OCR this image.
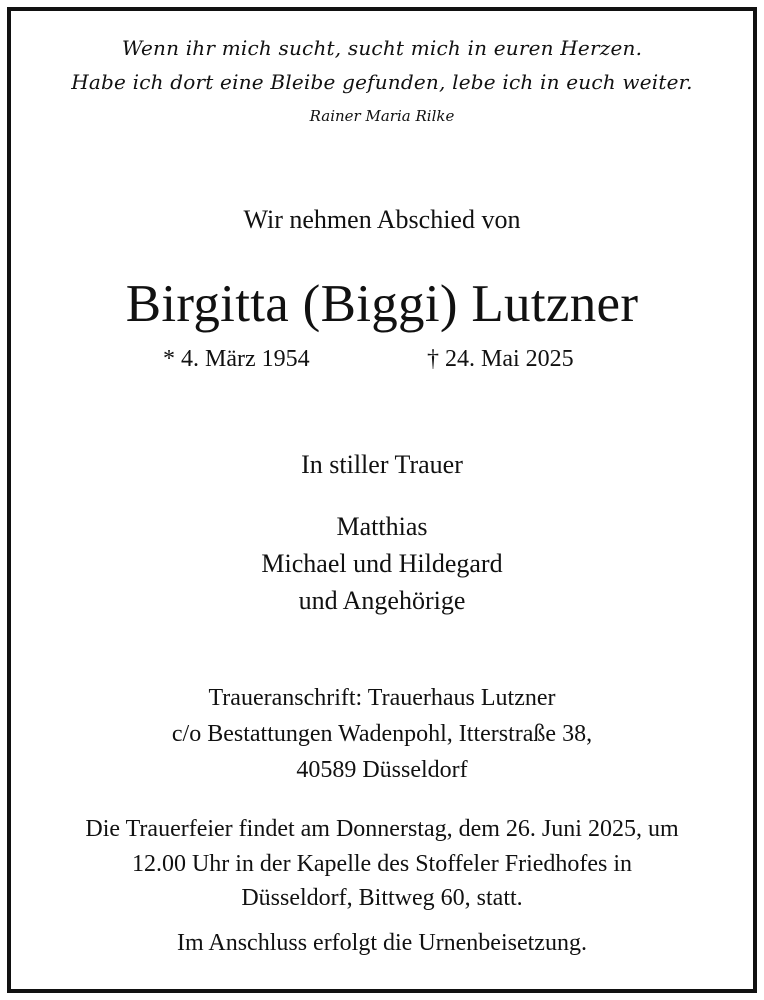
Wenn ihr mich sucht, sucht mich in euren Herzen.
Habe ich dort eine Bleibe gefunden, lebe ich in euch weiter.
Rainer Maria Rilke
Wir nehmen Abschied von
Birgitta (Biggi) Lutzner
* 4. März 1954	† 24. Mai 2025
In stiller Trauer
Matthias
Michael und Hildegard
und Angehörige
Traueranschrift: Trauerhaus Lutzner
c/o Bestattungen Wadenpohl, Itterstraße 38,
40589 Düsseldorf
Die Trauerfeier findet am Donnerstag, dem 26. Juni 2025, um
12.00 Uhr in der Kapelle des Stoffeler Friedhofes in
Düsseldorf, Bittweg 60, statt.
Im Anschluss erfolgt die Urnenbeisetzung.
